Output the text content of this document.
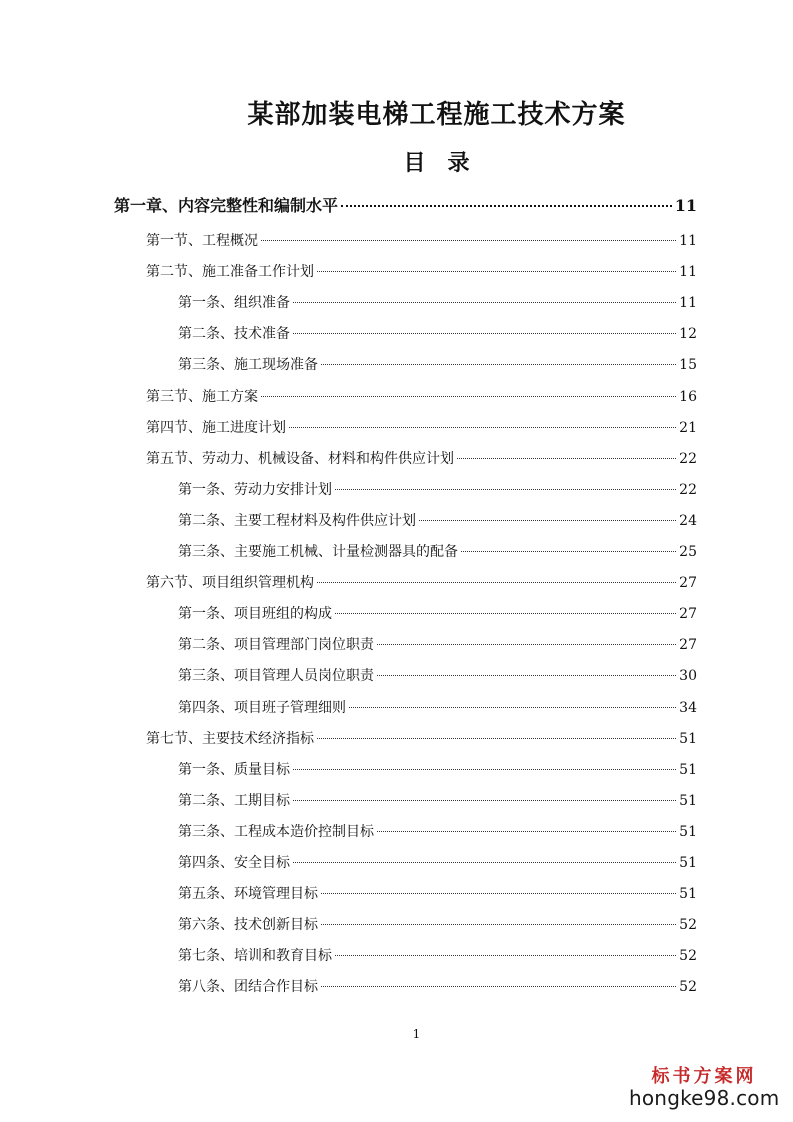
某部加装电梯工程施工技术方案
目　录
第一章、内容完整性和编制水平	11
第一节、工程概况	11
第二节、施工准备工作计划	11
第一条、组织准备	11
第二条、技术准备	12
第三条、施工现场准备	15
第三节、施工方案	16
第四节、施工进度计划	21
第五节、劳动力、机械设备、材料和构件供应计划	22
第一条、劳动力安排计划	22
第二条、主要工程材料及构件供应计划	24
第三条、主要施工机械、计量检测器具的配备	25
第六节、项目组织管理机构	27
第一条、项目班组的构成	27
第二条、项目管理部门岗位职责	27
第三条、项目管理人员岗位职责	30
第四条、项目班子管理细则	34
第七节、主要技术经济指标	51
第一条、质量目标	51
第二条、工期目标	51
第三条、工程成本造价控制目标	51
第四条、安全目标	51
第五条、环境管理目标	51
第六条、技术创新目标	52
第七条、培训和教育目标	52
第八条、团结合作目标	52
1
标书方案网
hongke98.com
